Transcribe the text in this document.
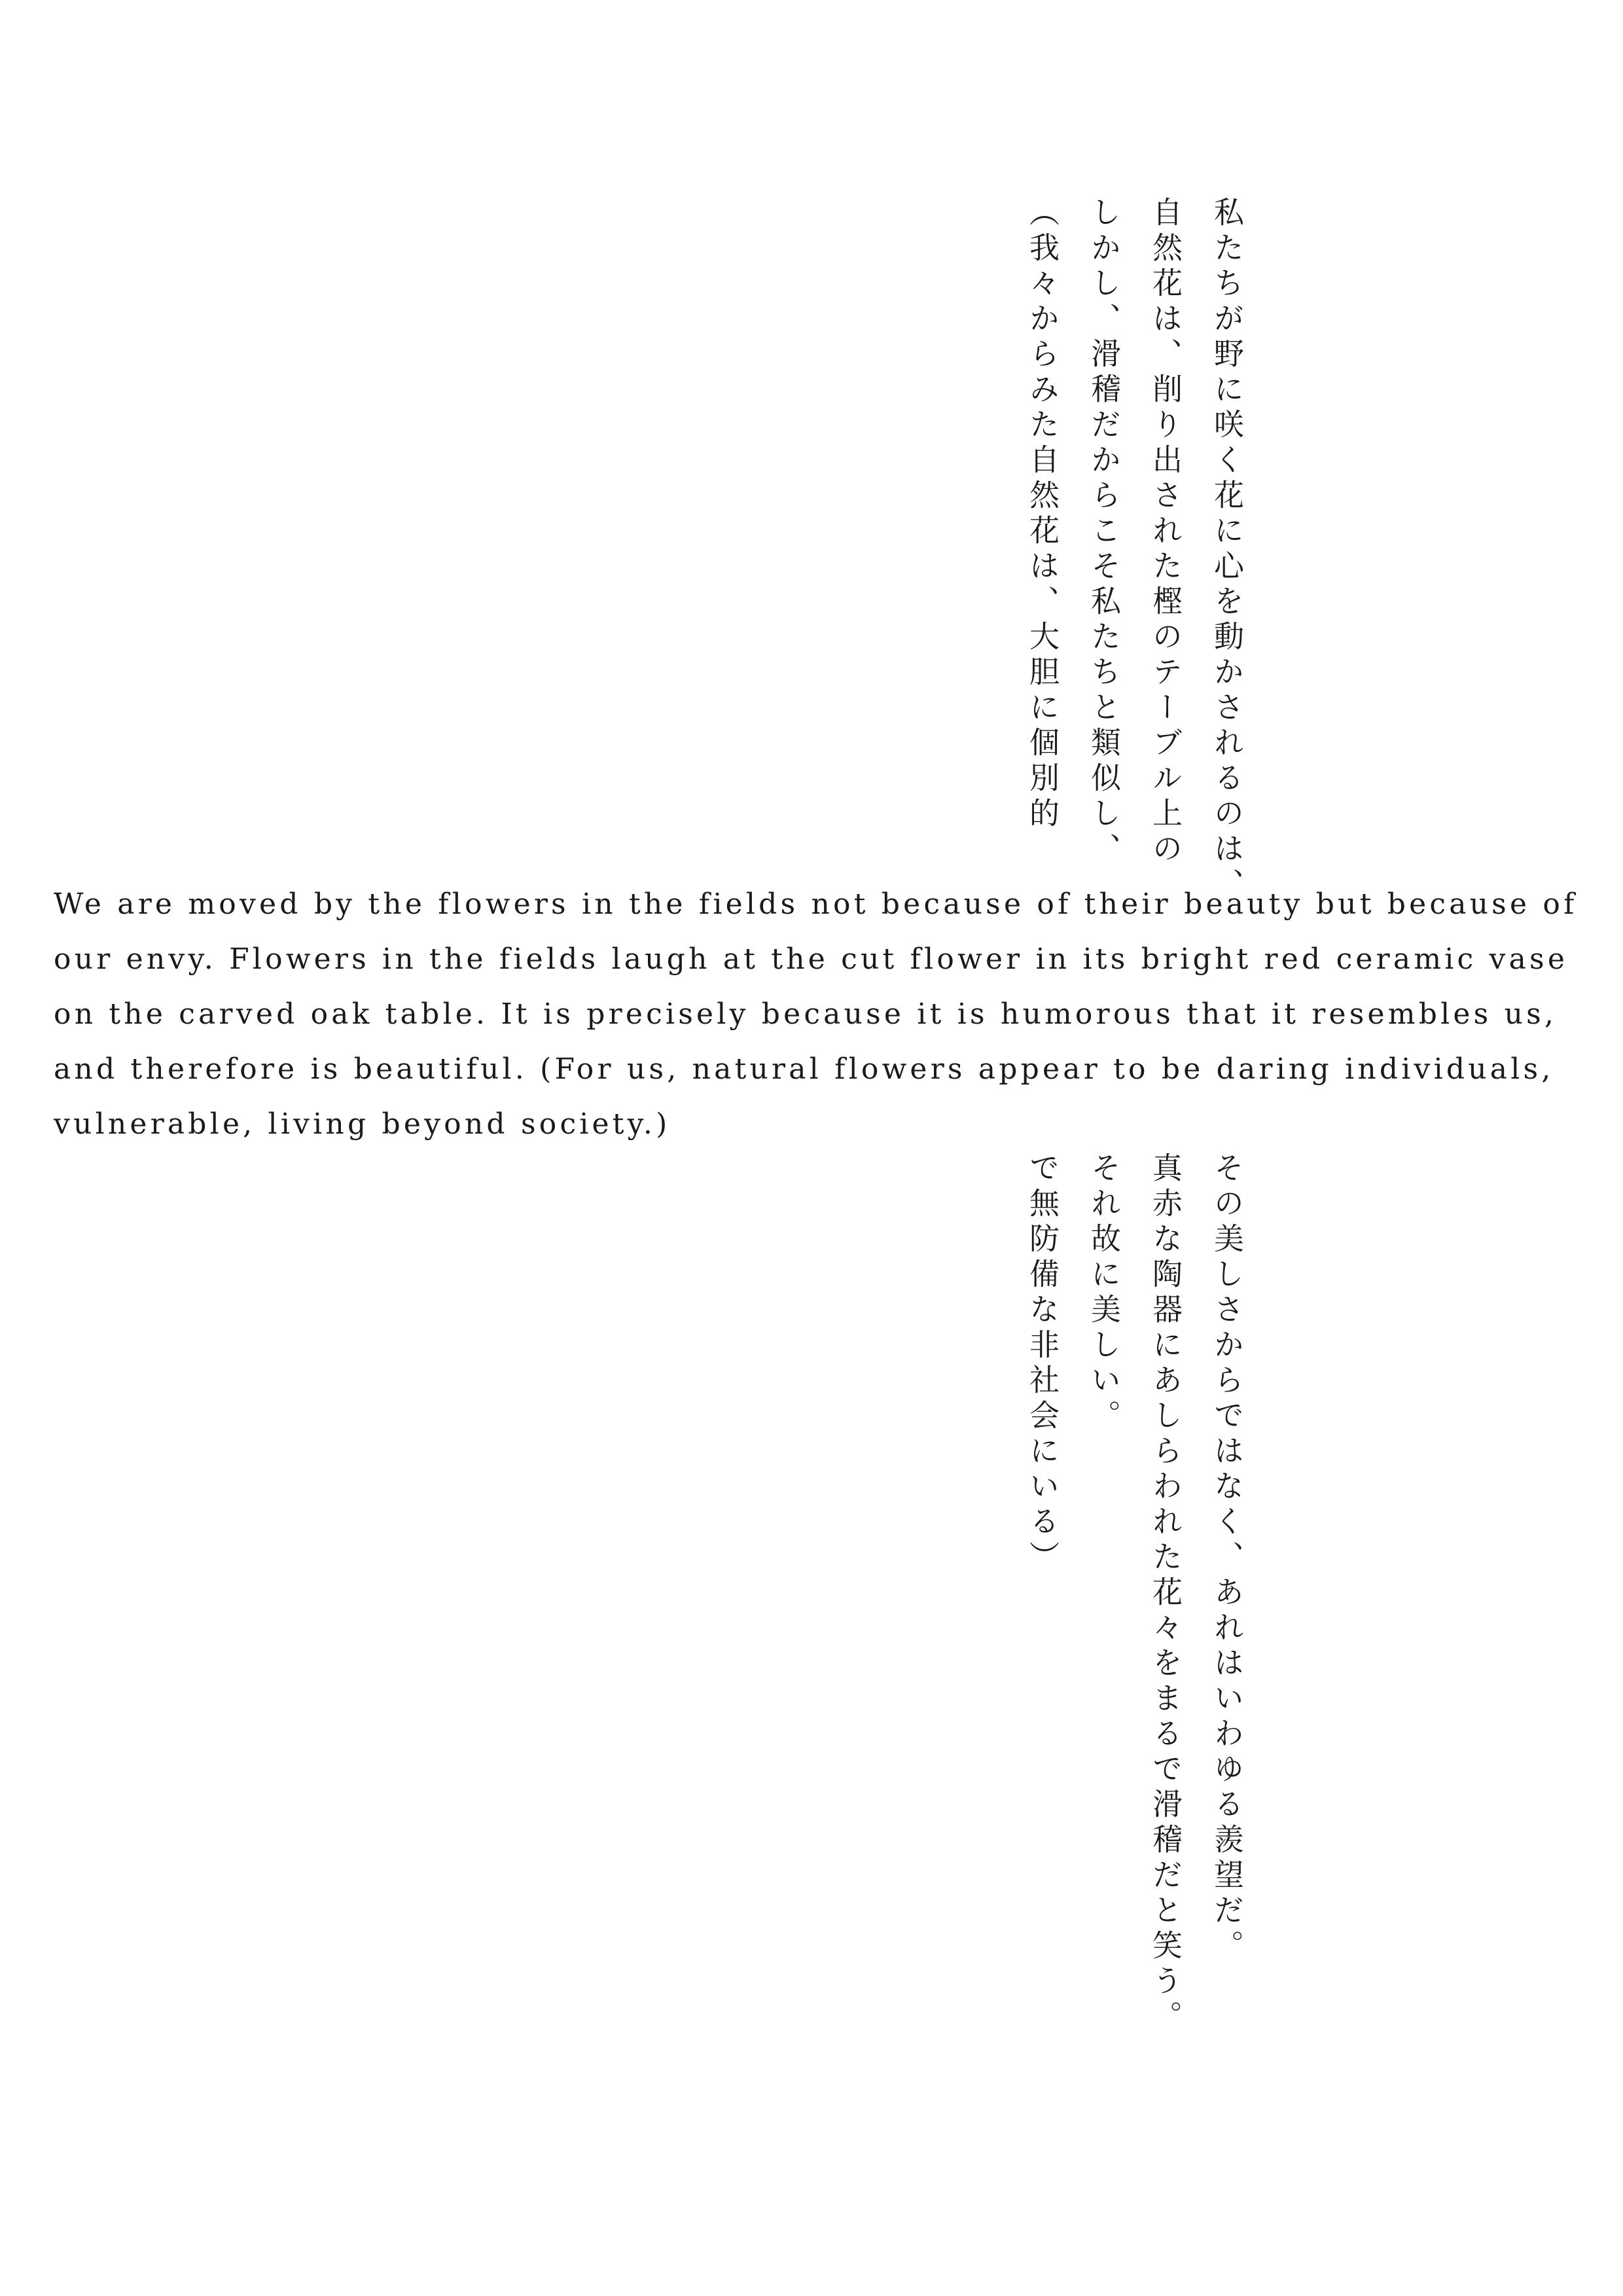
私たちが野に咲く花に心を動かされるのは、
自然花は、削り出された樫のテーブル上の
しかし、滑稽だからこそ私たちと類似し、
（我々からみた自然花は、大胆に個別的
We are moved by the flowers in the fields not because of their beauty but because of our envy. Flowers in the fields laugh at the cut flower in its bright red ceramic vase on the carved oak table. It is precisely because it is humorous that it resembles us, and therefore is beautiful. (For us, natural flowers appear to be daring individuals, vulnerable, living beyond society.)
その美しさからではなく、あれはいわゆる羨望だ。
真赤な陶器にあしらわれた花々をまるで滑稽だと笑う。
それ故に美しい。
で無防備な非社会にいる）
